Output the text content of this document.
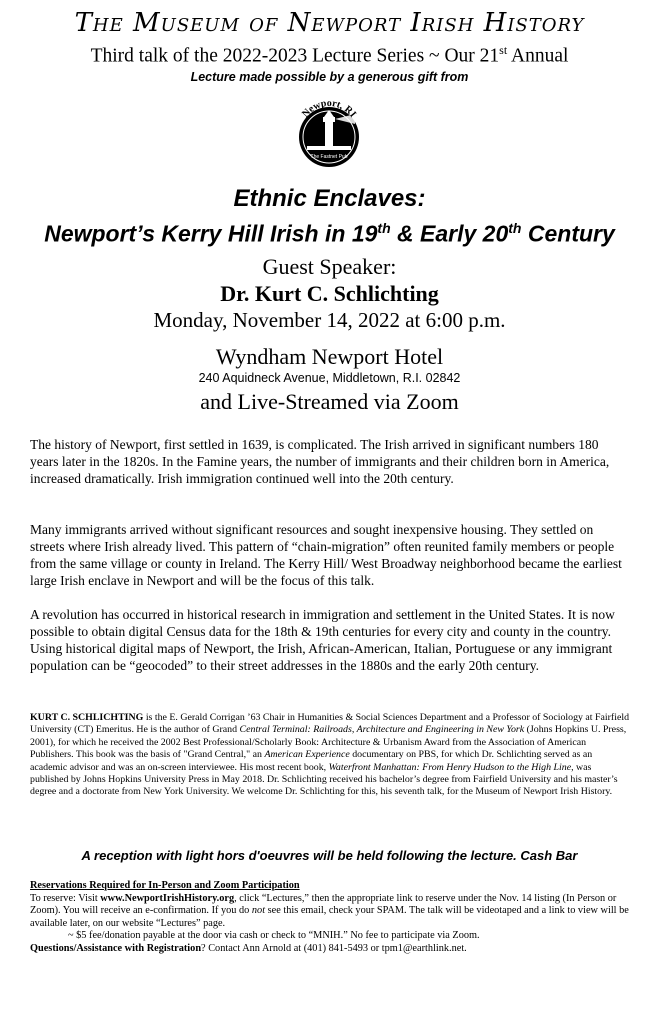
The Museum of Newport Irish History
Third talk of the 2022-2023 Lecture Series ~ Our 21st Annual
Lecture made possible by a generous gift from
Newport, RI
The Fastnet Pub
Ethnic Enclaves:
Newport’s Kerry Hill Irish in 19th & Early 20th Century
Guest Speaker:
Dr. Kurt C. Schlichting
Monday, November 14, 2022 at 6:00 p.m.
Wyndham Newport Hotel
240 Aquidneck Avenue, Middletown, R.I. 02842
and Live-Streamed via Zoom
The history of Newport, first settled in 1639, is complicated. The Irish arrived in significant numbers 180 years later in the 1820s. In the Famine years, the number of immigrants and their children born in America, increased dramatically. Irish immigration continued well into the 20th century.
Many immigrants arrived without significant resources and sought inexpensive housing. They settled on streets where Irish already lived. This pattern of “chain-migration” often reunited family members or people from the same village or county in Ireland. The Kerry Hill/ West Broadway neighborhood became the earliest large Irish enclave in Newport and will be the focus of this talk.
A revolution has occurred in historical research in immigration and settlement in the United States. It is now possible to obtain digital Census data for the 18th & 19th centuries for every city and county in the country. Using historical digital maps of Newport, the Irish, African-American, Italian, Portuguese or any immigrant population can be “geocoded” to their street addresses in the 1880s and the early 20th century.
KURT C. SCHLICHTING is the E. Gerald Corrigan ’63 Chair in Humanities & Social Sciences Department and a Professor of Sociology at Fairfield University (CT) Emeritus. He is the author of Grand Central Terminal: Railroads, Architecture and Engineering in New York (Johns Hopkins U. Press, 2001), for which he received the 2002 Best Professional/Scholarly Book: Architecture & Urbanism Award from the Association of American Publishers. This book was the basis of "Grand Central," an American Experience documentary on PBS, for which Dr. Schlichting served as an academic advisor and was an on-screen interviewee. His most recent book, Waterfront Manhattan: From Henry Hudson to the High Line, was published by Johns Hopkins University Press in May 2018. Dr. Schlichting received his bachelor’s degree from Fairfield University and his master’s degree and a doctorate from New York University. We welcome Dr. Schlichting for this, his seventh talk, for the Museum of Newport Irish History.
A reception with light hors d'oeuvres will be held following the lecture. Cash Bar
Reservations Required for In-Person and Zoom Participation
To reserve: Visit www.NewportIrishHistory.org, click “Lectures,” then the appropriate link to reserve under the Nov. 14 listing (In Person or Zoom). You will receive an e-confirmation. If you do not see this email, check your SPAM. The talk will be videotaped and a link to view will be available later, on our website “Lectures” page.
~ $5 fee/donation payable at the door via cash or check to “MNIH.” No fee to participate via Zoom.
Questions/Assistance with Registration? Contact Ann Arnold at (401) 841-5493 or tpm1@earthlink.net.
